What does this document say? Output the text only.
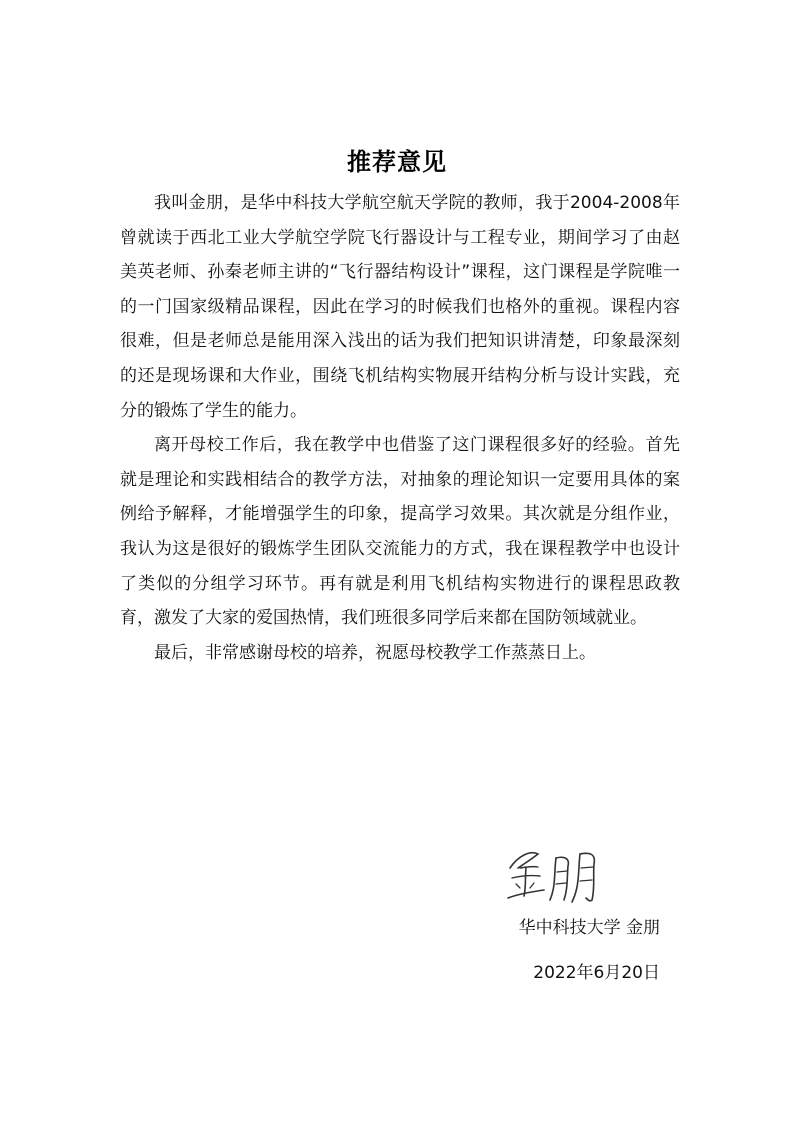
推荐意见

我叫金朋，是华中科技大学航空航天学院的教师，我于2004-2008年曾就读于西北工业大学航空学院飞行器设计与工程专业，期间学习了由赵美英老师、孙秦老师主讲的“飞行器结构设计”课程，这门课程是学院唯一的一门国家级精品课程，因此在学习的时候我们也格外的重视。课程内容很难，但是老师总是能用深入浅出的话为我们把知识讲清楚，印象最深刻的还是现场课和大作业，围绕飞机结构实物展开结构分析与设计实践，充分的锻炼了学生的能力。

离开母校工作后，我在教学中也借鉴了这门课程很多好的经验。首先就是理论和实践相结合的教学方法，对抽象的理论知识一定要用具体的案例给予解释，才能增强学生的印象，提高学习效果。其次就是分组作业，我认为这是很好的锻炼学生团队交流能力的方式，我在课程教学中也设计了类似的分组学习环节。再有就是利用飞机结构实物进行的课程思政教育，激发了大家的爱国热情，我们班很多同学后来都在国防领域就业。

最后，非常感谢母校的培养，祝愿母校教学工作蒸蒸日上。

华中科技大学 金朋
2022年6月20日
